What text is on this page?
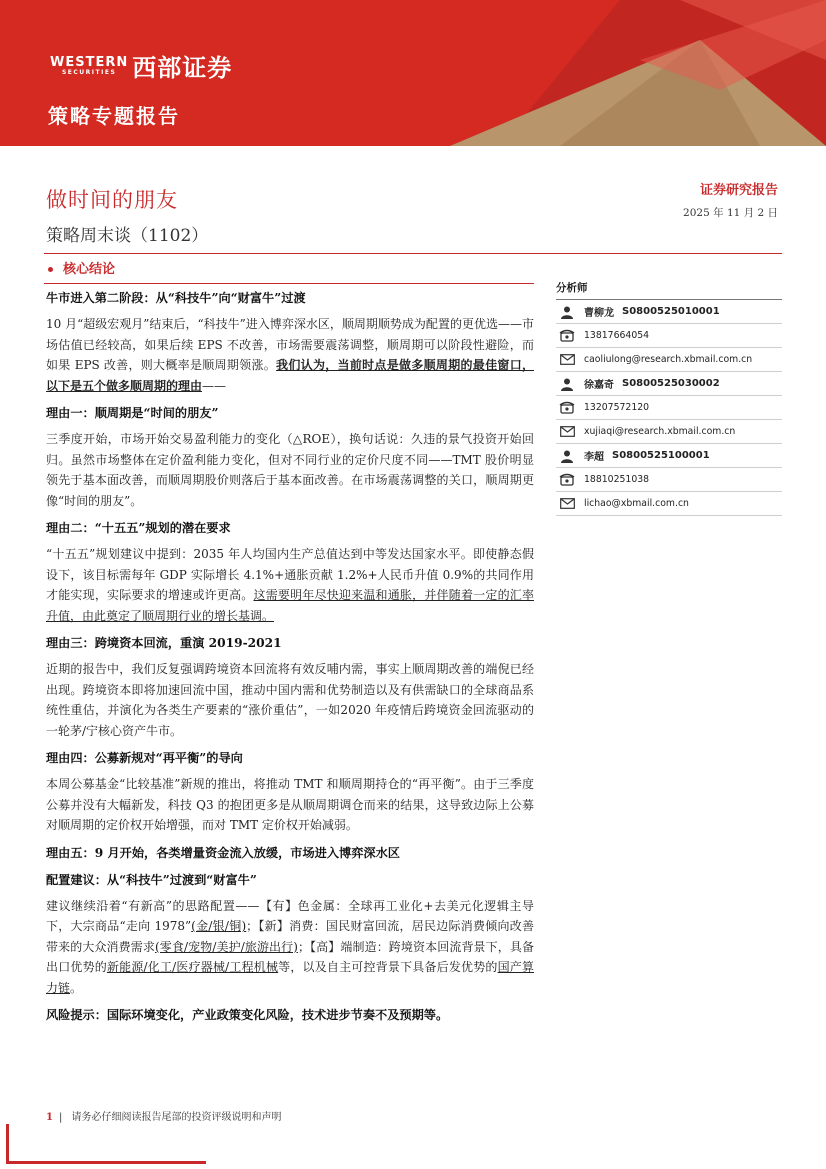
WESTERN
SECURITIES 西部证券
策略专题报告
做时间的朋友
策略周末谈（1102）
证券研究报告
2025 年 11 月 2 日
核心结论
牛市进入第二阶段：从“科技牛”向“财富牛”过渡
10 月“超级宏观月”结束后，“科技牛”进入博弈深水区，顺周期顺势成为配置的更优选——市场估值已经较高，如果后续 EPS 不改善，市场需要震荡调整，顺周期可以阶段性避险，而如果 EPS 改善，则大概率是顺周期领涨。我们认为，当前时点是做多顺周期的最佳窗口，以下是五个做多顺周期的理由——
理由一：顺周期是“时间的朋友”
三季度开始，市场开始交易盈利能力的变化（△ROE），换句话说：久违的景气投资开始回归。虽然市场整体在定价盈利能力变化，但对不同行业的定价尺度不同——TMT 股价明显领先于基本面改善，而顺周期股价则落后于基本面改善。在市场震荡调整的关口，顺周期更像“时间的朋友”。
理由二：“十五五”规划的潜在要求
“十五五”规划建议中提到：2035 年人均国内生产总值达到中等发达国家水平。即使静态假设下，该目标需每年 GDP 实际增长 4.1%+通胀贡献 1.2%+人民币升值 0.9%的共同作用才能实现，实际要求的增速或许更高。这需要明年尽快迎来温和通胀，并伴随着一定的汇率升值，由此奠定了顺周期行业的增长基调。
理由三：跨境资本回流，重演 2019-2021
近期的报告中，我们反复强调跨境资本回流将有效反哺内需，事实上顺周期改善的端倪已经出现。跨境资本即将加速回流中国，推动中国内需和优势制造以及有供需缺口的全球商品系统性重估，并演化为各类生产要素的“涨价重估”，一如2020 年疫情后跨境资金回流驱动的一轮茅/宁核心资产牛市。
理由四：公募新规对“再平衡”的导向
本周公募基金“比较基准”新规的推出，将推动 TMT 和顺周期持仓的“再平衡”。由于三季度公募并没有大幅新发，科技 Q3 的抱团更多是从顺周期调仓而来的结果，这导致边际上公募对顺周期的定价权开始增强，而对 TMT 定价权开始减弱。
理由五：9 月开始，各类增量资金流入放缓，市场进入博弈深水区
配置建议：从“科技牛”过渡到“财富牛”
建议继续沿着“有新高”的思路配置——【有】色金属：全球再工业化+去美元化逻辑主导下，大宗商品“走向 1978”(金/银/铜)；【新】消费：国民财富回流，居民边际消费倾向改善带来的大众消费需求(零食/宠物/美护/旅游出行)；【高】端制造：跨境资本回流背景下，具备出口优势的新能源/化工/医疗器械/工程机械等，以及自主可控背景下具备后发优势的国产算力链。
风险提示：国际环境变化，产业政策变化风险，技术进步节奏不及预期等。
分析师
曹柳龙 S0800525010001
13817664054
caoliulong@research.xbmail.com.cn
徐嘉奇 S0800525030002
13207572120
xujiaqi@research.xbmail.com.cn
李超 S0800525100001
18810251038
lichao@xbmail.com.cn
1 | 请务必仔细阅读报告尾部的投资评级说明和声明
